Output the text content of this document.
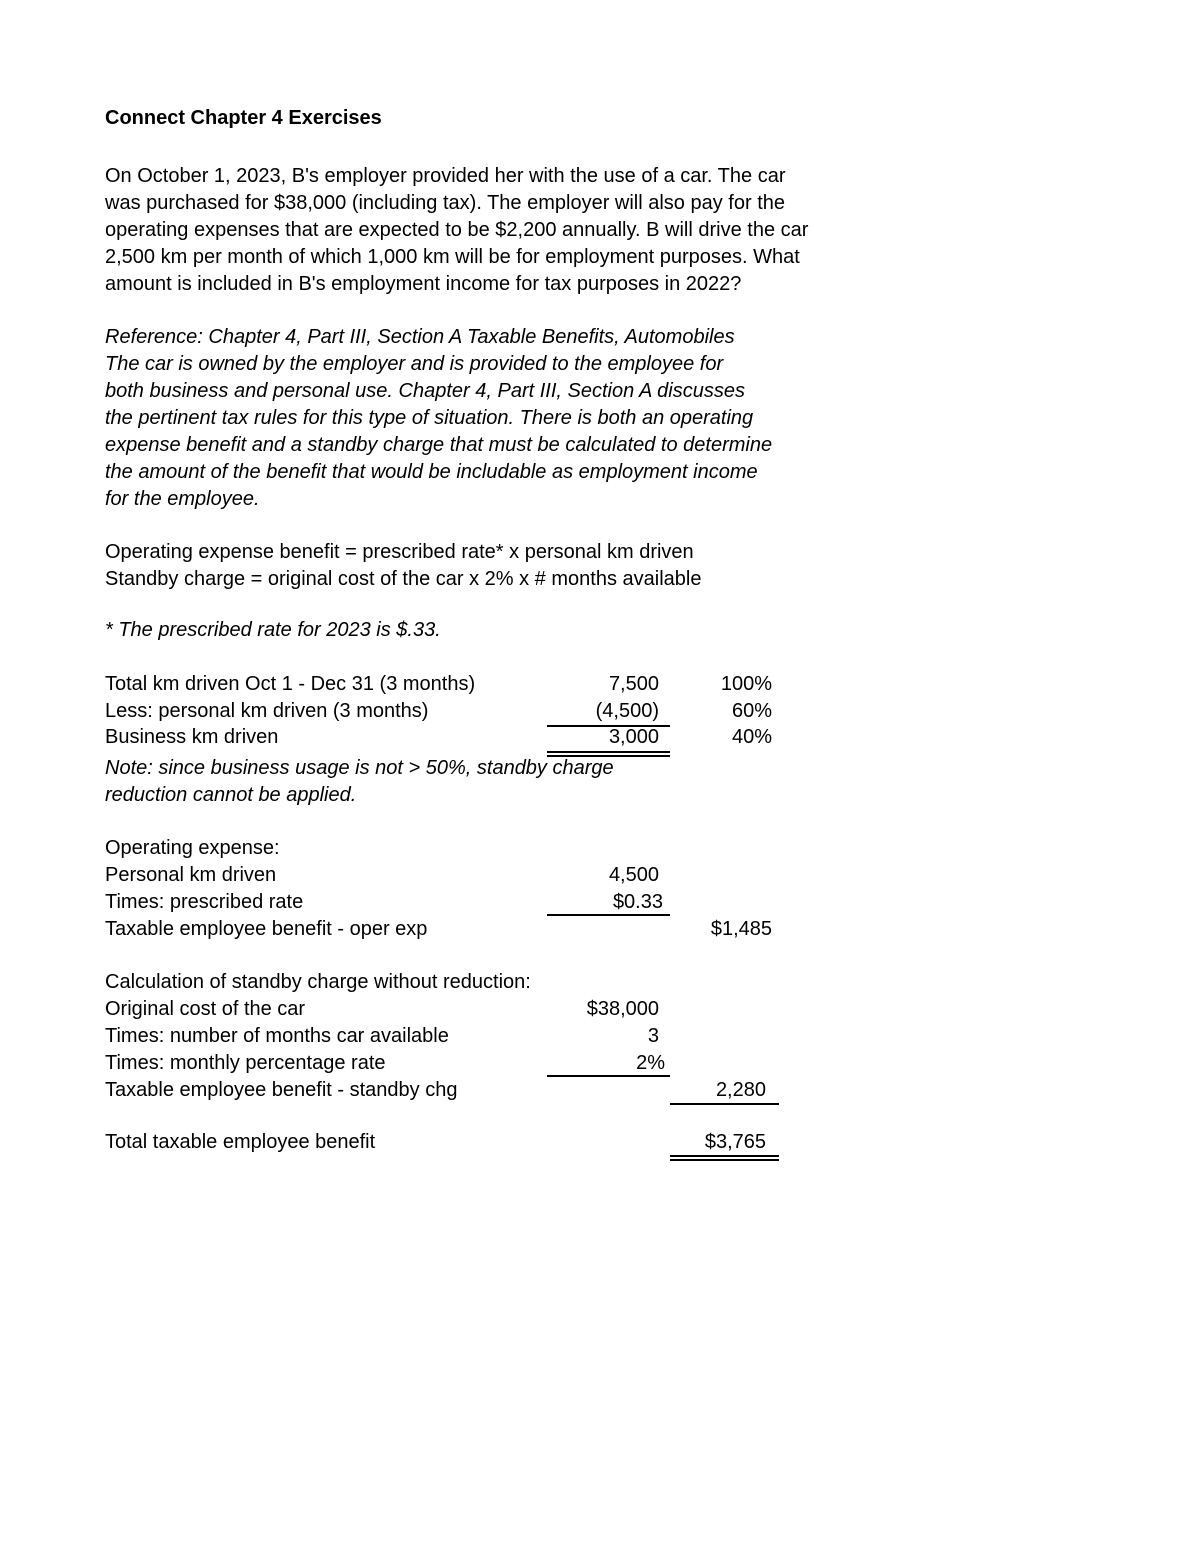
Connect Chapter 4 Exercises
On October 1, 2023, B's employer provided her with the use of a car. The car
was purchased for $38,000 (including tax). The employer will also pay for the
operating expenses that are expected to be $2,200 annually. B will drive the car
2,500 km per month of which 1,000 km will be for employment purposes. What
amount is included in B's employment income for tax purposes in 2022?
Reference: Chapter 4, Part III, Section A Taxable Benefits, Automobiles
The car is owned by the employer and is provided to the employee for
both business and personal use. Chapter 4, Part III, Section A discusses
the pertinent tax rules for this type of situation. There is both an operating
expense benefit and a standby charge that must be calculated to determine
the amount of the benefit that would be includable as employment income
for the employee.
Operating expense benefit = prescribed rate* x personal km driven
Standby charge = original cost of the car x 2% x # months available
* The prescribed rate for 2023 is $.33.
Total km driven Oct 1 - Dec 31 (3 months)	7,500	100%
Less: personal km driven (3 months)	(4,500)	60%
Business km driven	3,000	40%
Note: since business usage is not > 50%, standby charge
reduction cannot be applied.
Operating expense:
Personal km driven	4,500
Times: prescribed rate	$0.33
Taxable employee benefit - oper exp	$1,485
Calculation of standby charge without reduction:
Original cost of the car	$38,000
Times: number of months car available	3
Times: monthly percentage rate	2%
Taxable employee benefit - standby chg	2,280
Total taxable employee benefit	$3,765
